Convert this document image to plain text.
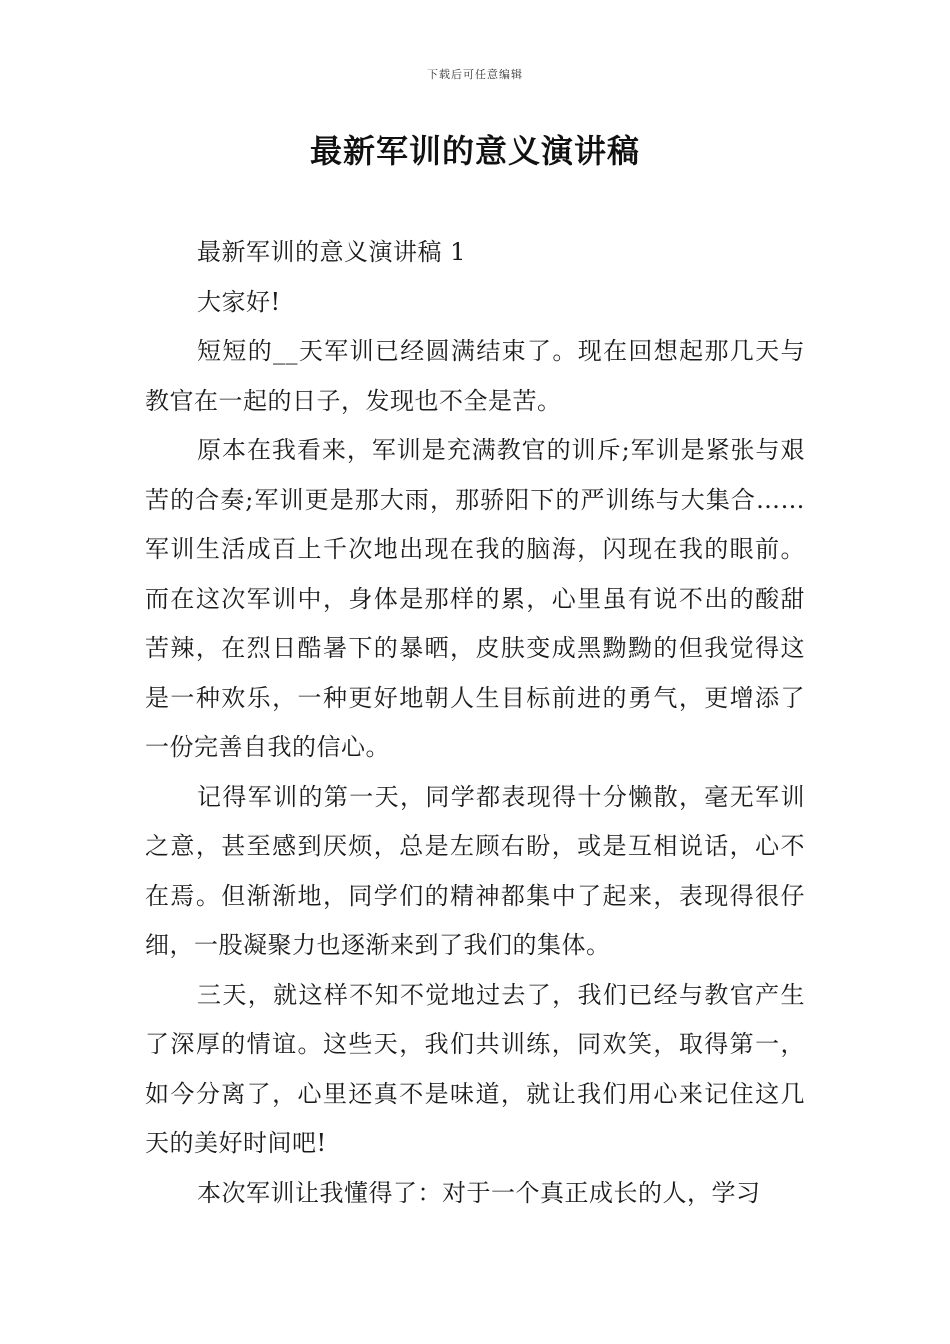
下载后可任意编辑
最新军训的意义演讲稿

最新军训的意义演讲稿 1

大家好!

短短的__天军训已经圆满结束了。现在回想起那几天与教官在一起的日子，发现也不全是苦。

原本在我看来，军训是充满教官的训斥;军训是紧张与艰苦的合奏;军训更是那大雨，那骄阳下的严训练与大集合……军训生活成百上千次地出现在我的脑海，闪现在我的眼前。而在这次军训中，身体是那样的累，心里虽有说不出的酸甜苦辣，在烈日酷暑下的暴晒，皮肤变成黑黝黝的但我觉得这是一种欢乐，一种更好地朝人生目标前进的勇气，更增添了一份完善自我的信心。

记得军训的第一天，同学都表现得十分懒散，毫无军训之意，甚至感到厌烦，总是左顾右盼，或是互相说话，心不在焉。但渐渐地，同学们的精神都集中了起来，表现得很仔细，一股凝聚力也逐渐来到了我们的集体。

三天，就这样不知不觉地过去了，我们已经与教官产生了深厚的情谊。这些天，我们共训练，同欢笑，取得第一，如今分离了，心里还真不是味道，就让我们用心来记住这几天的美好时间吧!

本次军训让我懂得了：对于一个真正成长的人，学习
